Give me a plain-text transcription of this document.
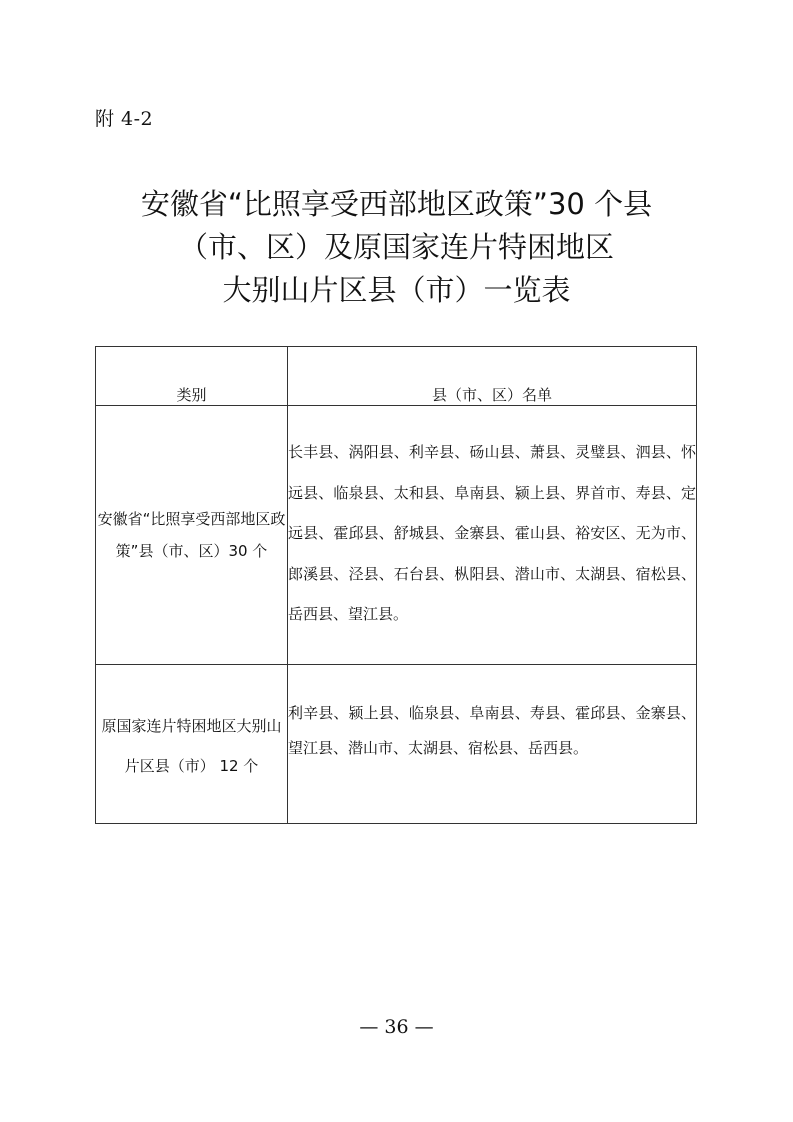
附 4-2
安徽省“比照享受西部地区政策”30 个县
（市、区）及原国家连片特困地区
大别山片区县（市）一览表
类别	县（市、区）名单
安徽省“比照享受西部地区政策”县（市、区）30 个	长丰县、涡阳县、利辛县、砀山县、萧县、灵璧县、泗县、怀远县、临泉县、太和县、阜南县、颍上县、界首市、寿县、定远县、霍邱县、舒城县、金寨县、霍山县、裕安区、无为市、郎溪县、泾县、石台县、枞阳县、潜山市、太湖县、宿松县、岳西县、望江县。
原国家连片特困地区大别山片区县（市） 12 个	利辛县、颍上县、临泉县、阜南县、寿县、霍邱县、金寨县、望江县、潜山市、太湖县、宿松县、岳西县。
— 36 —
